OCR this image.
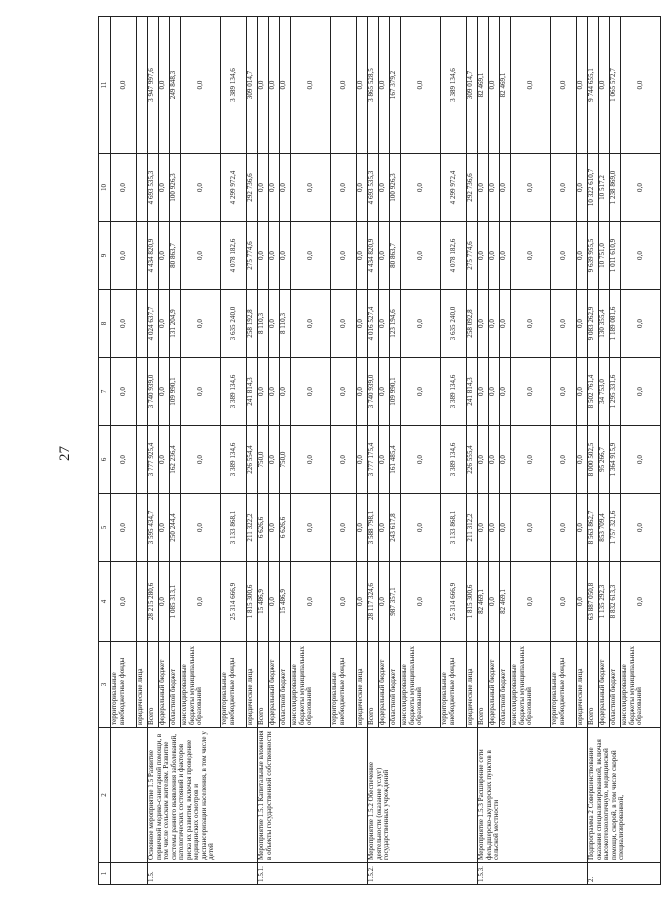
27
1	2	3	4	5	6	7	8	9	10	11
		территориальные внебюджетные фонды	0,0	0,0	0,0	0,0	0,0	0,0	0,0	0,0
		юридические лица								
1.5.	Основное мероприятие 1.5 Развитие первичной медико-санитарной помощи, в том числе сельским жителям. Развитие системы раннего выявления заболеваний, патологических состояний и факторов риска их развития, включая проведение медицинских осмотров и диспансеризации населения, в том числе у детей	Всего	28 215 280,6	3 595 434,7	3 777 925,4	3 740 939,0	4 024 637,7	4 434 820,9	4 693 535,3	3 947 997,6
		федеральный бюджет	0,0	0,0	0,0	0,0	0,0	0,0	0,0	0,0
		областной бюджет	1 085 313,1	250 244,4	162 236,4	109 990,1	131 204,9	80 863,7	100 926,3	249 848,3
		консолидированные бюджеты муниципальных образований	0,0	0,0	0,0	0,0	0,0	0,0	0,0	0,0
		территориальные внебюджетные фонды	25 314 666,9	3 133 868,1	3 389 134,6	3 389 134,6	3 635 240,0	4 078 182,6	4 299 972,4	3 389 134,6
		юридические лица	1 815 300,6	211 322,2	226 554,4	241 814,3	258 192,8	275 774,6	292 736,6	309 014,7
1.5.1.	Мероприятие 1.5.1 Капитальные вложения в объекты государственной собственности	Всего	15 486,9	6 626,6	750,0	0,0	8 110,3	0,0	0,0	0,0
		федеральный бюджет	0,0	0,0	0,0	0,0	0,0	0,0	0,0	0,0
		областной бюджет	15 486,9	6 626,6	750,0	0,0	8 110,3	0,0	0,0	0,0
		консолидированные бюджеты муниципальных образований	0,0	0,0	0,0	0,0	0,0	0,0	0,0	0,0
		территориальные внебюджетные фонды	0,0	0,0	0,0	0,0	0,0	0,0	0,0	0,0
		юридические лица	0,0	0,0	0,0	0,0	0,0	0,0	0,0	0,0
1.5.2.	Мероприятие 1.5.2 Обеспечение деятельности (оказание услуг) государственных учреждений	Всего	28 117 324,6	3 588 798,1	3 777 175,4	3 740 939,0	4 016 527,4	4 434 820,9	4 693 535,3	3 865 528,5
		федеральный бюджет	0,0	0,0	0,0	0,0	0,0	0,0	0,0	0,0
		областной бюджет	987 357,1	243 617,8	161 485,4	109 990,1	123 194,6	80 863,7	100 926,3	167 379,2
		консолидированные бюджеты муниципальных образований	0,0	0,0	0,0	0,0	0,0	0,0	0,0	0,0
		территориальные внебюджетные фонды	25 314 666,9	3 133 868,1	3 389 134,6	3 389 134,6	3 635 240,0	4 078 182,6	4 299 972,4	3 389 134,6
		юридические лица	1 815 300,6	211 312,2	226 555,4	241 814,3	258 092,8	275 774,6	292 736,6	309 014,7
1.5.3.	Мероприятие 1.5.3 Расширение сети фельдшерско-акушерских пунктов в сельской местности	Всего	82 469,1	0,0	0,0	0,0	0,0	0,0	0,0	82 469,1
		федеральный бюджет	0,0	0,0	0,0	0,0	0,0	0,0	0,0	0,0
		областной бюджет	82 469,1	0,0	0,0	0,0	0,0	0,0	0,0	82 469,1
		консолидированные бюджеты муниципальных образований	0,0	0,0	0,0	0,0	0,0	0,0	0,0	0,0
		территориальные внебюджетные фонды	0,0	0,0	0,0	0,0	0,0	0,0	0,0	0,0
		юридические лица	0,0	0,0	0,0	0,0	0,0	0,0	0,0	0,0
2.	Подпрограмма 2 Совершенствование оказания специализированной, включая высокотехнологичную, медицинской помощи, скорой, в том числе скорой специализированной,	Всего	63 887 050,8	8 563 862,7	8 000 502,5	8 502 761,4	9 083 262,9	9 639 955,5	10 322 610,7	9 744 655,1
		федеральный бюджет	1 135 292,3	853 709,4	95 266,7	34 753,0	130 355,4	10 751,0	10 517,2	0,0
		областной бюджет	8 832 613,3	1 757 321,6	1 364 915,9	1 295 331,6	1 189 081,6	1 011 610,9	1 238 869,0	1 065 572,7
		консолидированные бюджеты муниципальных образований	0,0	0,0	0,0	0,0	0,0	0,0	0,0	0,0
